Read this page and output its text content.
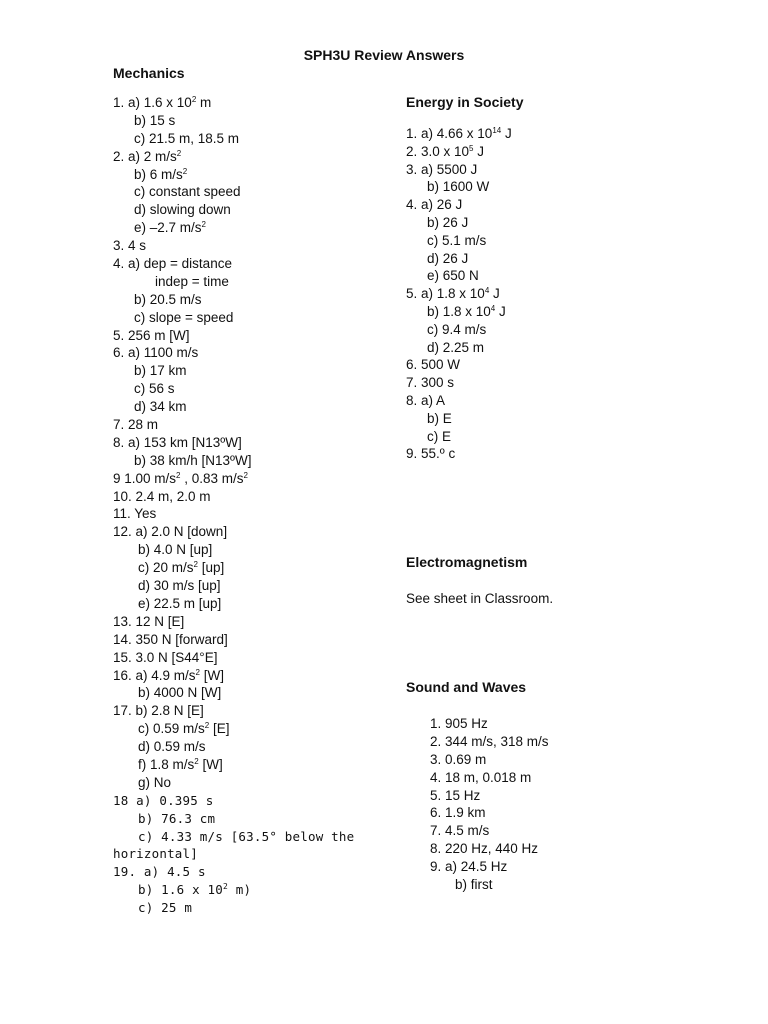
SPH3U Review Answers
Mechanics
1. a) 1.6 x $10^2$ m
b) 15 s
c) 21.5 m, 18.5 m
2. a) 2 $m/s^2$
b) 6 $m/s^2$
c) constant speed
d) slowing down
e) –2.7 $m/s^2$
3. 4 s
4. a) dep = distance
indep = time
b) 20.5 m/s
c) slope = speed
5. 256 m [W]
6. a) 1100 m/s
b) 17 km
c) 56 s
d) 34 km
7. 28 m
8. a) 153 km [N13ºW]
b) 38 km/h [N13ºW]
9 1.00 $m/s^2$ , 0.83 $m/s^2$
10. 2.4 m, 2.0 m
11. Yes
12. a) 2.0 N [down]
b) 4.0 N [up]
c) 20 $m/s^2$ [up]
d) 30 m/s [up]
e) 22.5 m [up]
13. 12 N [E]
14. 350 N [forward]
15. 3.0 N [S44°E]
16. a) 4.9 $m/s^2$ [W]
b) 4000 N [W]
17. b) 2.8 N [E]
c) 0.59 $m/s^2$ [E]
d) 0.59 m/s
f) 1.8 $m/s^2$ [W]
g) No
18 a) 0.395 s
b) 76.3 cm
c) 4.33 m/s [63.5° below the
horizontal]
19. a) 4.5 s
b) 1.6 x $10^2$ m)
c) 25 m
Energy in Society
1. a) 4.66 x $10^{14}$ J
2. 3.0 x $10^5$ J
3. a) 5500 J
b) 1600 W
4. a) 26 J
b) 26 J
c) 5.1 m/s
d) 26 J
e) 650 N
5. a) 1.8 x $10^4$ J
b) 1.8 x $10^4$ J
c) 9.4 m/s
d) 2.25 m
6. 500 W
7. 300 s
8. a) A
b) E
c) E
9. 55.º c
Electromagnetism
See sheet in Classroom.
Sound and Waves
1. 905 Hz
2. 344 m/s, 318 m/s
3. 0.69 m
4. 18 m, 0.018 m
5. 15 Hz
6. 1.9 km
7. 4.5 m/s
8. 220 Hz, 440 Hz
9. a) 24.5 Hz
b) first
